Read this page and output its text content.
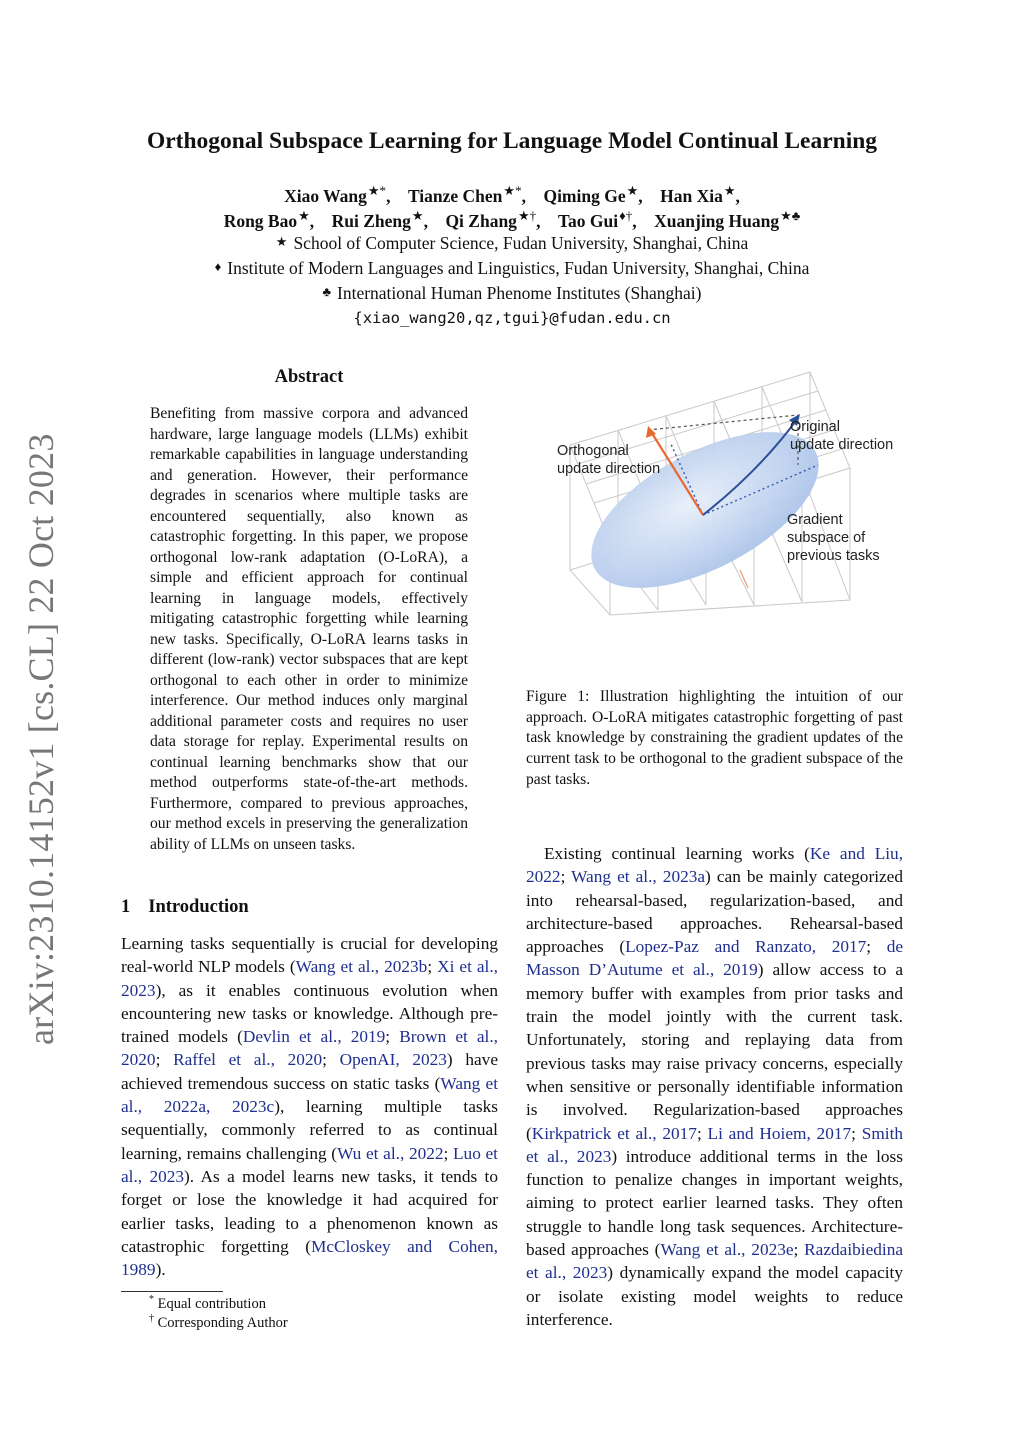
arXiv:2310.14152v1 [cs.CL] 22 Oct 2023
Orthogonal Subspace Learning for Language Model Continual Learning
Xiao Wang★*, Tianze Chen★*, Qiming Ge★, Han Xia★,
Rong Bao★, Rui Zheng★, Qi Zhang★†, Tao Gui♦†, Xuanjing Huang★♣
★ School of Computer Science, Fudan University, Shanghai, China
♦ Institute of Modern Languages and Linguistics, Fudan University, Shanghai, China
♣ International Human Phenome Institutes (Shanghai)
{xiao_wang20,qz,tgui}@fudan.edu.cn
Abstract
Benefiting from massive corpora and advanced hardware, large language models (LLMs) exhibit remarkable capabilities in language understanding and generation. However, their performance degrades in scenarios where multiple tasks are encountered sequentially, also known as catastrophic forgetting. In this paper, we propose orthogonal low-rank adaptation (O-LoRA), a simple and efficient approach for continual learning in language models, effectively mitigating catastrophic forgetting while learning new tasks. Specifically, O-LoRA learns tasks in different (low-rank) vector subspaces that are kept orthogonal to each other in order to minimize interference. Our method induces only marginal additional parameter costs and requires no user data storage for replay. Experimental results on continual learning benchmarks show that our method outperforms state-of-the-art methods. Furthermore, compared to previous approaches, our method excels in preserving the generalization ability of LLMs on unseen tasks.
1 Introduction
Learning tasks sequentially is crucial for developing real-world NLP models (Wang et al., 2023b; Xi et al., 2023), as it enables continuous evolution when encountering new tasks or knowledge. Although pre-trained models (Devlin et al., 2019; Brown et al., 2020; Raffel et al., 2020; OpenAI, 2023) have achieved tremendous success on static tasks (Wang et al., 2022a, 2023c), learning multiple tasks sequentially, commonly referred to as continual learning, remains challenging (Wu et al., 2022; Luo et al., 2023). As a model learns new tasks, it tends to forget or lose the knowledge it had acquired for earlier tasks, leading to a phenomenon known as catastrophic forgetting (McCloskey and Cohen, 1989).
* Equal contribution
† Corresponding Author
Orthogonal
update direction
Original
update direction
Gradient
subspace of
previous tasks
Figure 1: Illustration highlighting the intuition of our approach. O-LoRA mitigates catastrophic forgetting of past task knowledge by constraining the gradient updates of the current task to be orthogonal to the gradient subspace of the past tasks.
Existing continual learning works (Ke and Liu, 2022; Wang et al., 2023a) can be mainly categorized into rehearsal-based, regularization-based, and architecture-based approaches. Rehearsal-based approaches (Lopez-Paz and Ranzato, 2017; de Masson D’Autume et al., 2019) allow access to a memory buffer with examples from prior tasks and train the model jointly with the current task. Unfortunately, storing and replaying data from previous tasks may raise privacy concerns, especially when sensitive or personally identifiable information is involved. Regularization-based approaches (Kirkpatrick et al., 2017; Li and Hoiem, 2017; Smith et al., 2023) introduce additional terms in the loss function to penalize changes in important weights, aiming to protect earlier learned tasks. They often struggle to handle long task sequences. Architecture-based approaches (Wang et al., 2023e; Razdaibiedina et al., 2023) dynamically expand the model capacity or isolate existing model weights to reduce interference.
